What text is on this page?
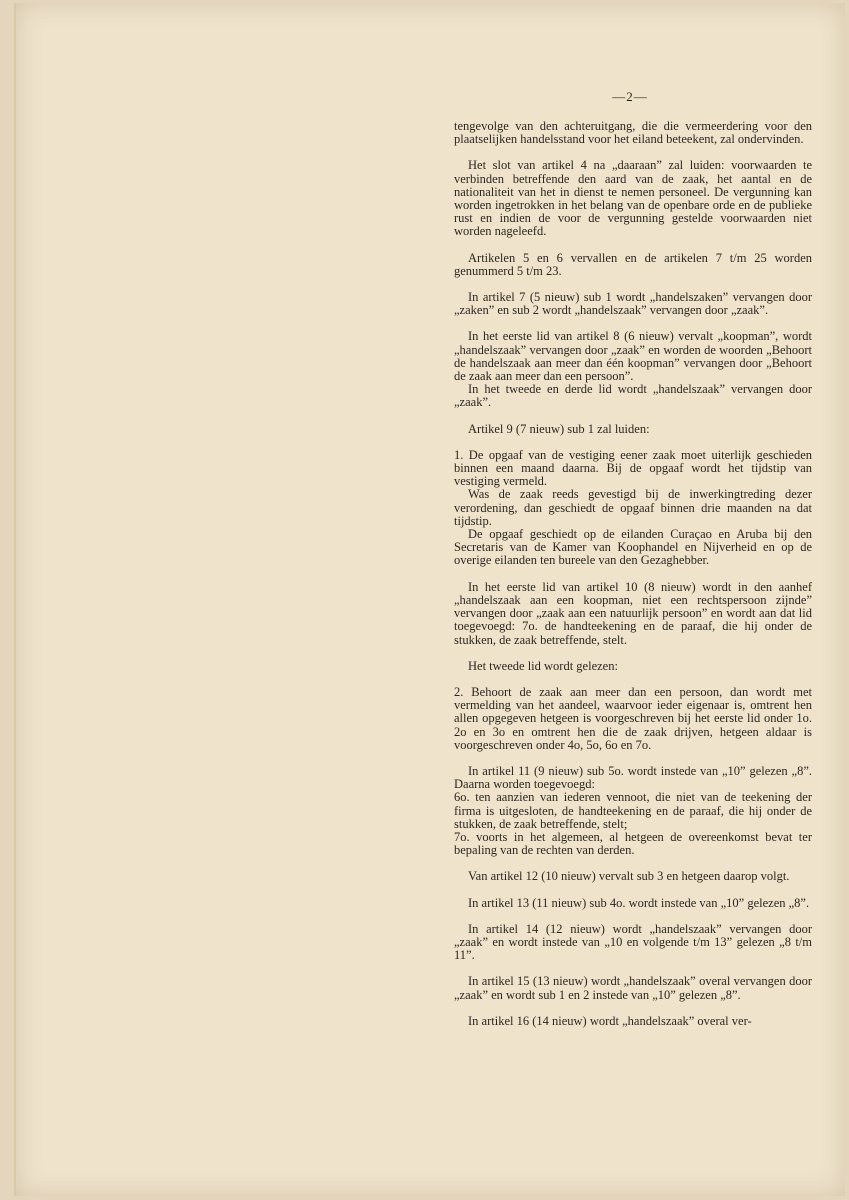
—2—

tengevolge van den achteruitgang, die die vermeerdering voor den plaatselijken handelsstand voor het eiland beteekent, zal ondervinden.

Het slot van artikel 4 na „daaraan” zal luiden: voorwaarden te verbinden betreffende den aard van de zaak, het aantal en de nationaliteit van het in dienst te nemen personeel. De vergunning kan worden ingetrokken in het belang van de openbare orde en de publieke rust en indien de voor de vergunning gestelde voorwaarden niet worden nageleefd.

Artikelen 5 en 6 vervallen en de artikelen 7 t/m 25 worden genummerd 5 t/m 23.

In artikel 7 (5 nieuw) sub 1 wordt „handelszaken” vervangen door „zaken” en sub 2 wordt „handelszaak” vervangen door „zaak”.

In het eerste lid van artikel 8 (6 nieuw) vervalt „koopman”, wordt „handelszaak” vervangen door „zaak” en worden de woorden „Behoort de handelszaak aan meer dan één koopman” vervangen door „Behoort de zaak aan meer dan een persoon”.

In het tweede en derde lid wordt „handelszaak” vervangen door „zaak”.

Artikel 9 (7 nieuw) sub 1 zal luiden:

1. De opgaaf van de vestiging eener zaak moet uiterlijk geschieden binnen een maand daarna. Bij de opgaaf wordt het tijdstip van vestiging vermeld.

Was de zaak reeds gevestigd bij de inwerkingtreding dezer verordening, dan geschiedt de opgaaf binnen drie maanden na dat tijdstip.

De opgaaf geschiedt op de eilanden Curaçao en Aruba bij den Secretaris van de Kamer van Koophandel en Nijverheid en op de overige eilanden ten bureele van den Gezaghebber.

In het eerste lid van artikel 10 (8 nieuw) wordt in den aanhef „handelszaak aan een koopman, niet een rechtspersoon zijnde” vervangen door „zaak aan een natuurlijk persoon” en wordt aan dat lid toegevoegd: 7o. de handteekening en de paraaf, die hij onder de stukken, de zaak betreffende, stelt.

Het tweede lid wordt gelezen:

2. Behoort de zaak aan meer dan een persoon, dan wordt met vermelding van het aandeel, waarvoor ieder eigenaar is, omtrent hen allen opgegeven hetgeen is voorgeschreven bij het eerste lid onder 1o. 2o en 3o en omtrent hen die de zaak drijven, hetgeen aldaar is voorgeschreven onder 4o, 5o, 6o en 7o.

In artikel 11 (9 nieuw) sub 5o. wordt instede van „10” gelezen „8”. Daarna worden toegevoegd:

6o. ten aanzien van iederen vennoot, die niet van de teekening der firma is uitgesloten, de handteekening en de paraaf, die hij onder de stukken, de zaak betreffende, stelt;

7o. voorts in het algemeen, al hetgeen de overeenkomst bevat ter bepaling van de rechten van derden.

Van artikel 12 (10 nieuw) vervalt sub 3 en hetgeen daarop volgt.

In artikel 13 (11 nieuw) sub 4o. wordt instede van „10” gelezen „8”.

In artikel 14 (12 nieuw) wordt „handelszaak” vervangen door „zaak” en wordt instede van „10 en volgende t/m 13” gelezen „8 t/m 11”.

In artikel 15 (13 nieuw) wordt „handelszaak” overal vervangen door „zaak” en wordt sub 1 en 2 instede van „10” gelezen „8”.

In artikel 16 (14 nieuw) wordt „handelszaak” overal ver-
